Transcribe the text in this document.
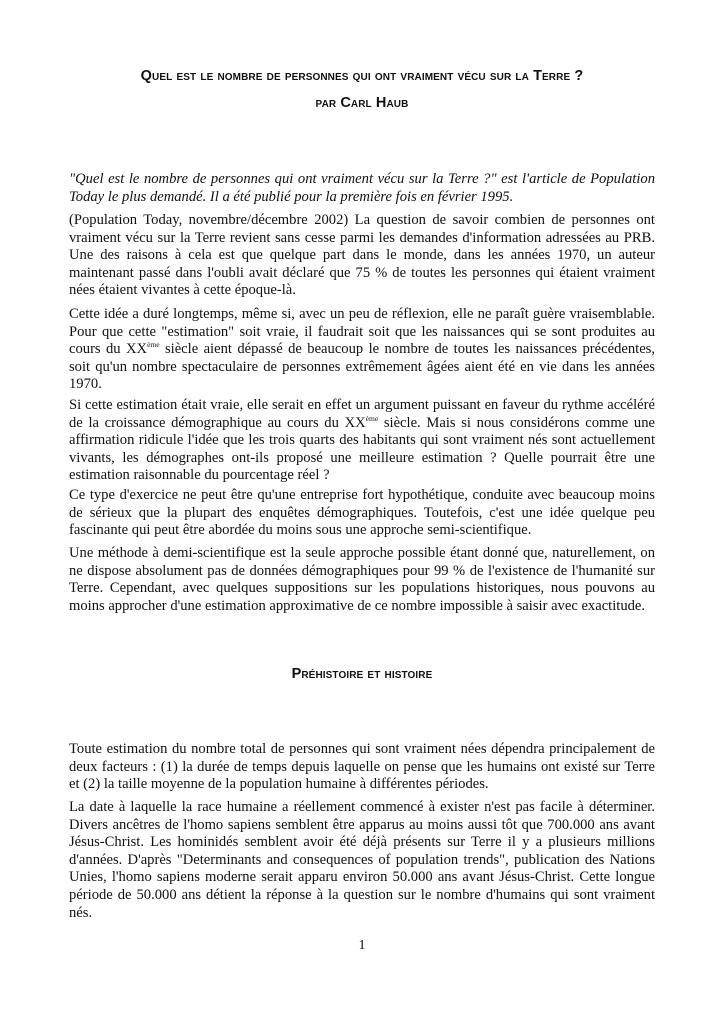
Quel est le nombre de personnes qui ont vraiment vécu sur la Terre ?
par Carl Haub

"Quel est le nombre de personnes qui ont vraiment vécu sur la Terre ?" est l'article de Population Today le plus demandé. Il a été publié pour la première fois en février 1995.

(Population Today, novembre/décembre 2002) La question de savoir combien de personnes ont vraiment vécu sur la Terre revient sans cesse parmi les demandes d'information adressées au PRB. Une des raisons à cela est que quelque part dans le monde, dans les années 1970, un auteur maintenant passé dans l'oubli avait déclaré que 75 % de toutes les personnes qui étaient vraiment nées étaient vivantes à cette époque-là.

Cette idée a duré longtemps, même si, avec un peu de réflexion, elle ne paraît guère vraisemblable. Pour que cette "estimation" soit vraie, il faudrait soit que les naissances qui se sont produites au cours du XXème siècle aient dépassé de beaucoup le nombre de toutes les naissances précédentes, soit qu'un nombre spectaculaire de personnes extrêmement âgées aient été en vie dans les années 1970.

Si cette estimation était vraie, elle serait en effet un argument puissant en faveur du rythme accéléré de la croissance démographique au cours du XXème siècle. Mais si nous considérons comme une affirmation ridicule l'idée que les trois quarts des habitants qui sont vraiment nés sont actuellement vivants, les démographes ont-ils proposé une meilleure estimation ? Quelle pourrait être une estimation raisonnable du pourcentage réel ?

Ce type d'exercice ne peut être qu'une entreprise fort hypothétique, conduite avec beaucoup moins de sérieux que la plupart des enquêtes démographiques. Toutefois, c'est une idée quelque peu fascinante qui peut être abordée du moins sous une approche semi-scientifique.

Une méthode à demi-scientifique est la seule approche possible étant donné que, naturellement, on ne dispose absolument pas de données démographiques pour 99 % de l'existence de l'humanité sur Terre. Cependant, avec quelques suppositions sur les populations historiques, nous pouvons au moins approcher d'une estimation approximative de ce nombre impossible à saisir avec exactitude.

Préhistoire et histoire

Toute estimation du nombre total de personnes qui sont vraiment nées dépendra principalement de deux facteurs : (1) la durée de temps depuis laquelle on pense que les humains ont existé sur Terre et (2) la taille moyenne de la population humaine à différentes périodes.

La date à laquelle la race humaine a réellement commencé à exister n'est pas facile à déterminer. Divers ancêtres de l'homo sapiens semblent être apparus au moins aussi tôt que 700.000 ans avant Jésus-Christ. Les hominidés semblent avoir été déjà présents sur Terre il y a plusieurs millions d'années. D'après "Determinants and consequences of population trends", publication des Nations Unies, l'homo sapiens moderne serait apparu environ 50.000 ans avant Jésus-Christ. Cette longue période de 50.000 ans détient la réponse à la question sur le nombre d'humains qui sont vraiment nés.

1
